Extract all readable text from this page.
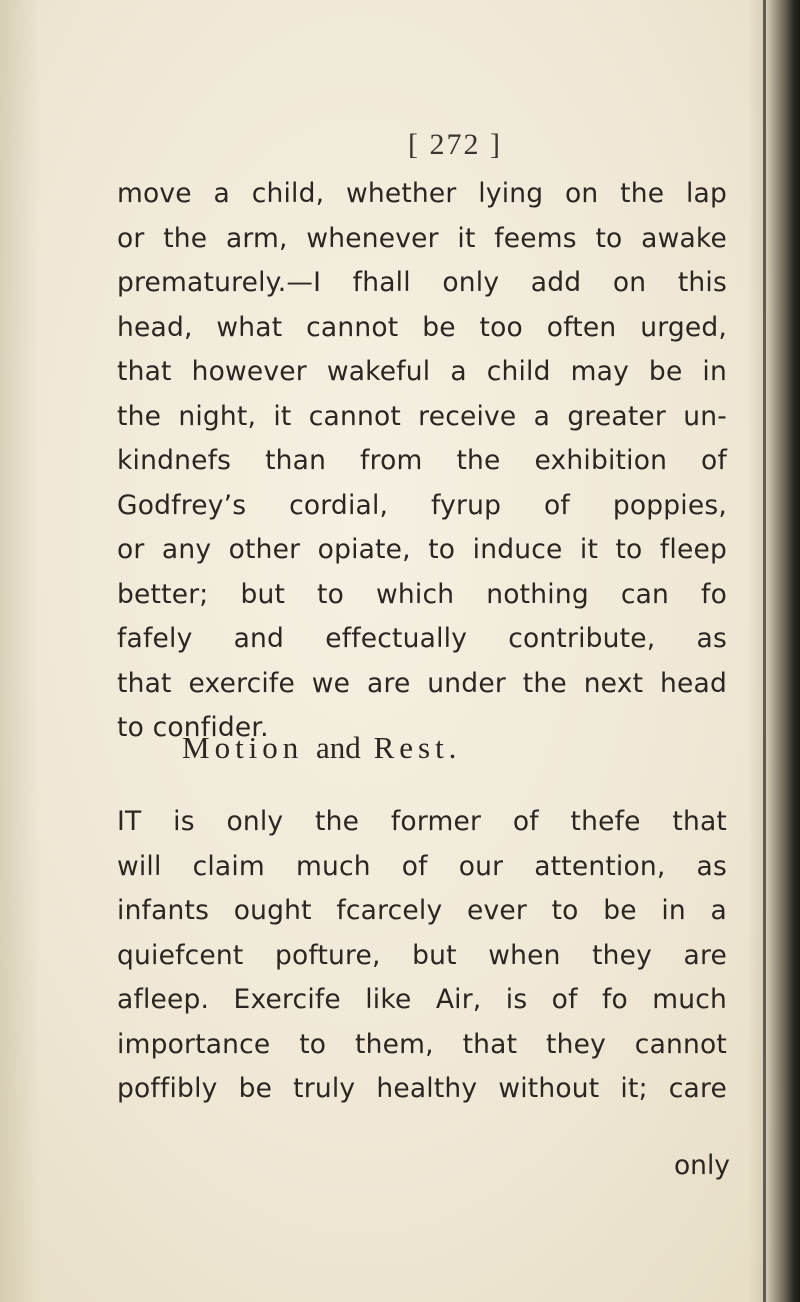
[ 272 ]
move a child, whether lying on the lap
or the arm, whenever it feems to awake
prematurely.—I fhall only add on this
head, what cannot be too often urged,
that however wakeful a child may be in
the night, it cannot receive a greater un-
kindnefs than from the exhibition of
Godfrey’s cordial, fyrup of poppies,
or any other opiate, to induce it to fleep
better; but to which nothing can fo
fafely and effectually contribute, as
that exercife we are under the next head
to confider.
Motion and Rest.
IT is only the former of thefe that
will claim much of our attention, as
infants ought fcarcely ever to be in a
quiefcent pofture, but when they are
afleep. Exercife like Air, is of fo much
importance to them, that they cannot
poffibly be truly healthy without it; care
only
